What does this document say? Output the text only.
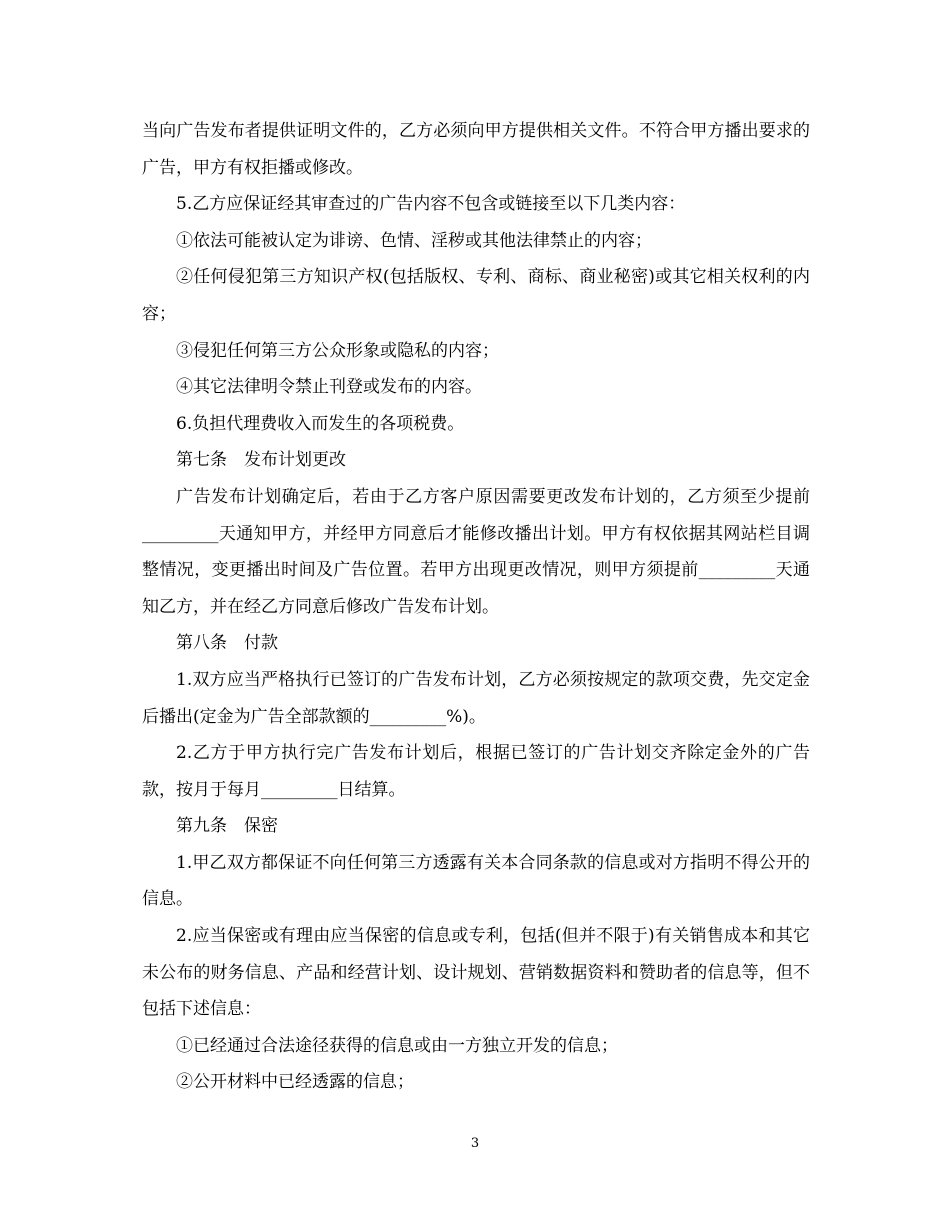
当向广告发布者提供证明文件的，乙方必须向甲方提供相关文件。不符合甲方播出要求的广告，甲方有权拒播或修改。

5.乙方应保证经其审查过的广告内容不包含或链接至以下几类内容：

①依法可能被认定为诽谤、色情、淫秽或其他法律禁止的内容；

②任何侵犯第三方知识产权(包括版权、专利、商标、商业秘密)或其它相关权利的内容；

③侵犯任何第三方公众形象或隐私的内容；

④其它法律明令禁止刊登或发布的内容。

6.负担代理费收入而发生的各项税费。

第七条　发布计划更改

广告发布计划确定后，若由于乙方客户原因需要更改发布计划的，乙方须至少提前_________天通知甲方，并经甲方同意后才能修改播出计划。甲方有权依据其网站栏目调整情况，变更播出时间及广告位置。若甲方出现更改情况，则甲方须提前_________天通知乙方，并在经乙方同意后修改广告发布计划。

第八条　付款

1.双方应当严格执行已签订的广告发布计划，乙方必须按规定的款项交费，先交定金后播出(定金为广告全部款额的_________%)。

2.乙方于甲方执行完广告发布计划后，根据已签订的广告计划交齐除定金外的广告款，按月于每月_________日结算。

第九条　保密

1.甲乙双方都保证不向任何第三方透露有关本合同条款的信息或对方指明不得公开的信息。

2.应当保密或有理由应当保密的信息或专利，包括(但并不限于)有关销售成本和其它未公布的财务信息、产品和经营计划、设计规划、营销数据资料和赞助者的信息等，但不包括下述信息：

①已经通过合法途径获得的信息或由一方独立开发的信息；

②公开材料中已经透露的信息；

3
